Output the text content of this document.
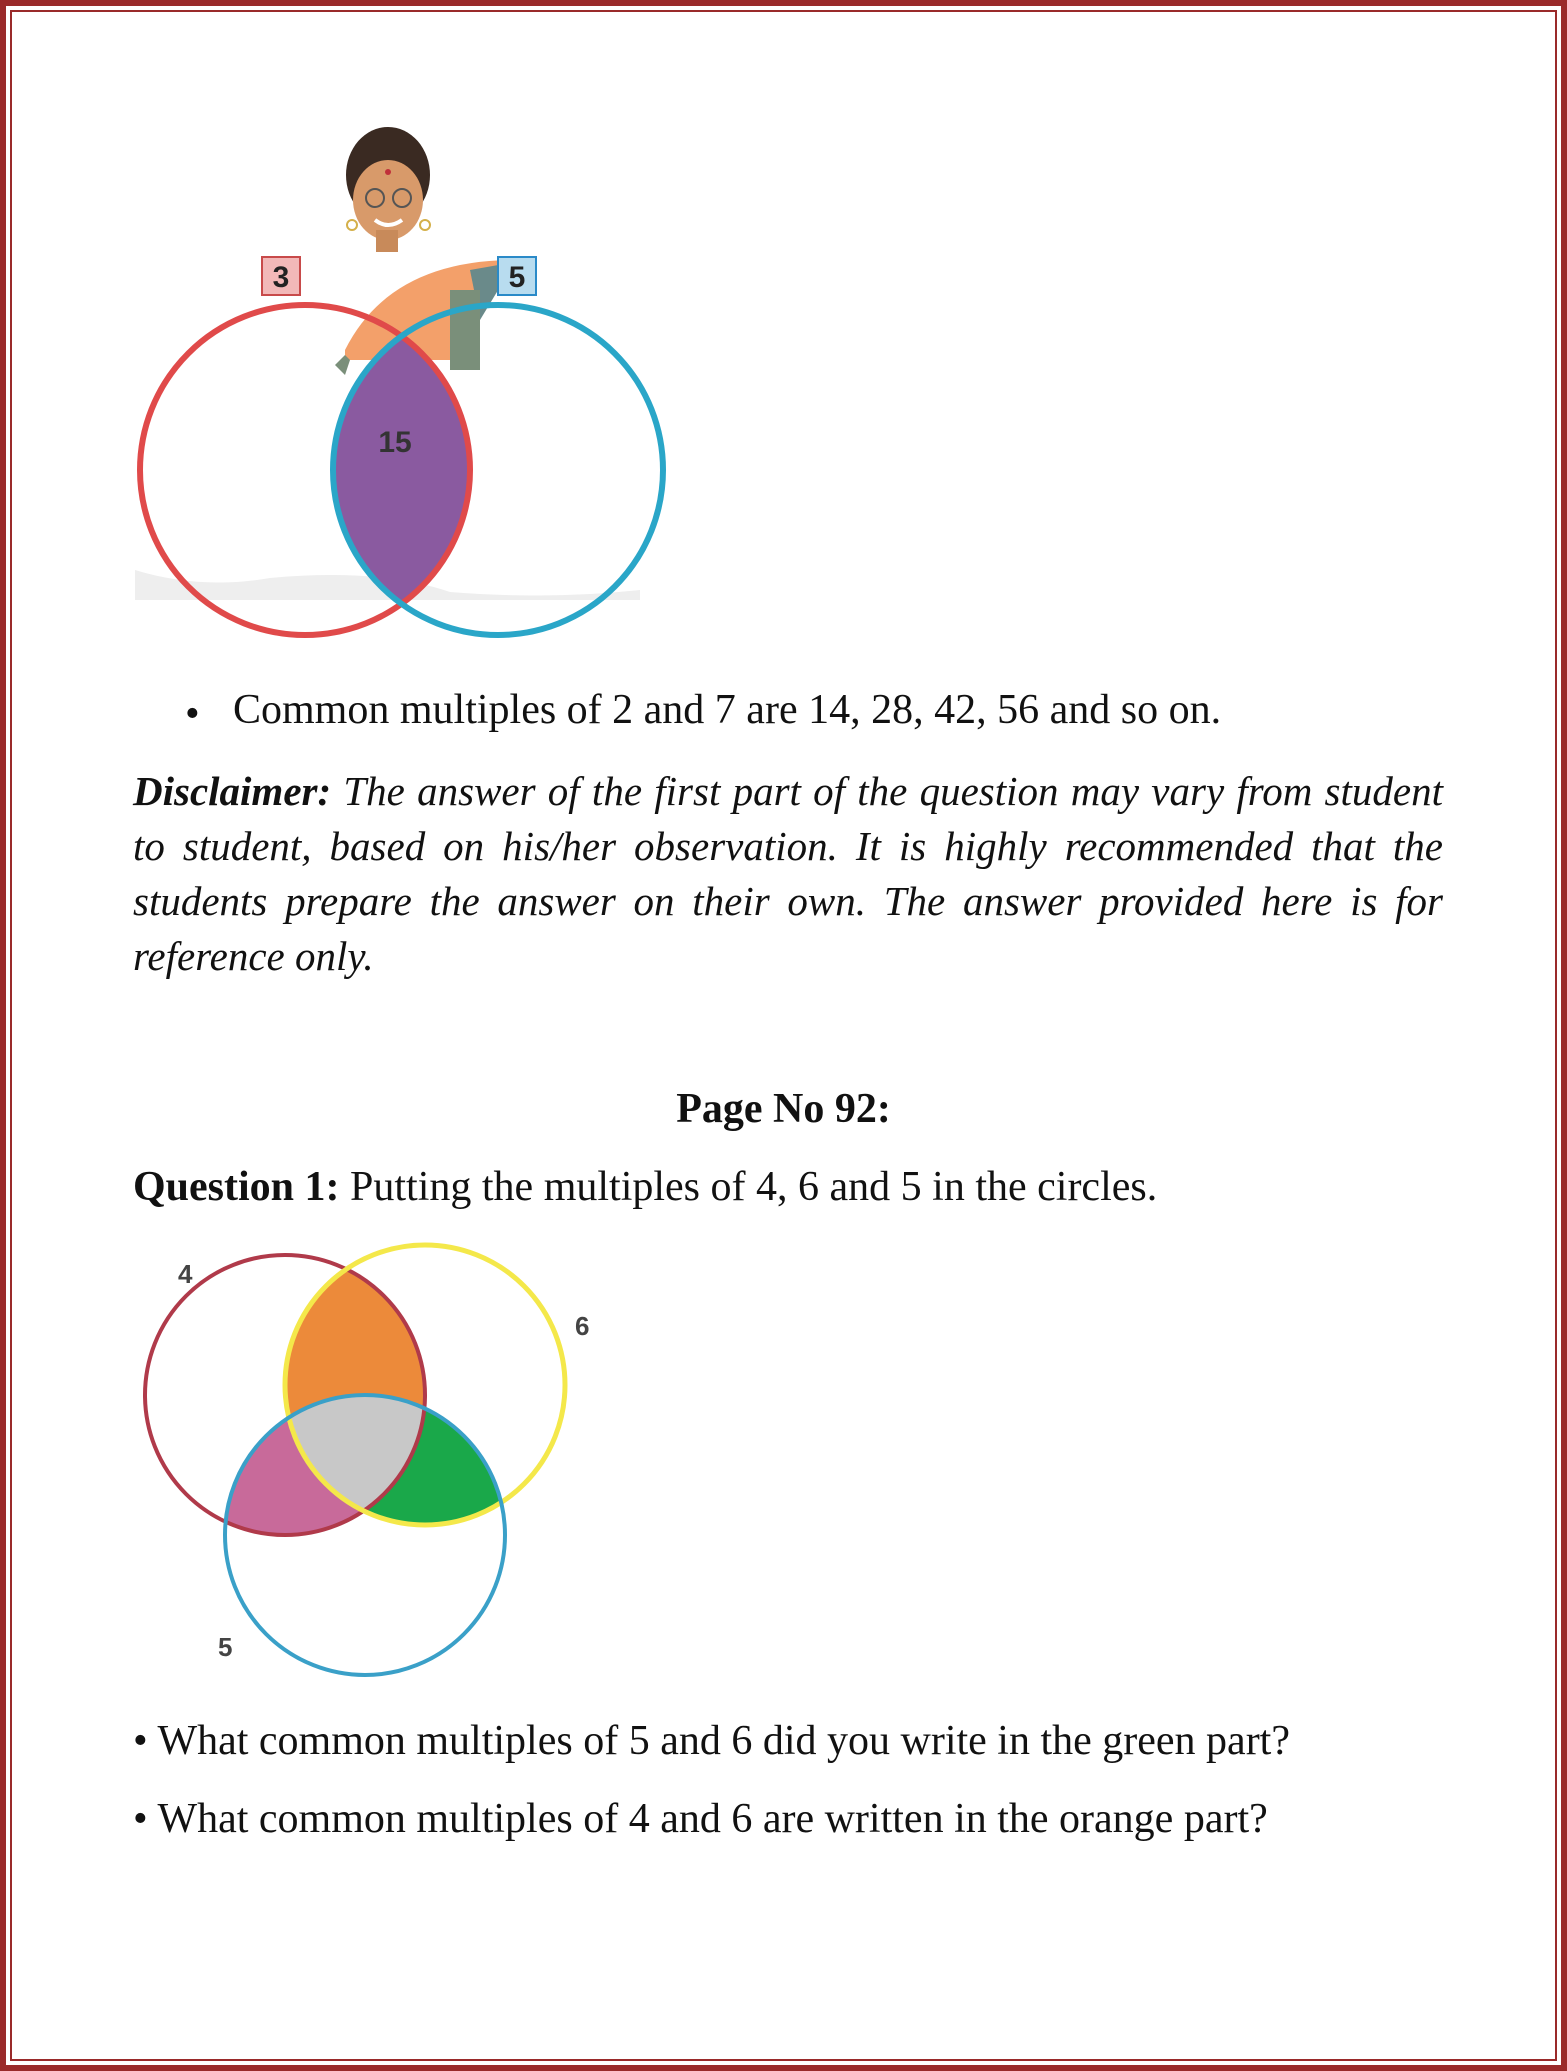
3	5
15
• Common multiples of 2 and 7 are 14, 28, 42, 56 and so on.
Disclaimer: The answer of the first part of the question may vary from student to student, based on his/her observation. It is highly recommended that the students prepare the answer on their own. The answer provided here is for reference only.
Page No 92:
Question 1: Putting the multiples of 4, 6 and 5 in the circles.
4
6
5
• What common multiples of 5 and 6 did you write in the green part?
• What common multiples of 4 and 6 are written in the orange part?
